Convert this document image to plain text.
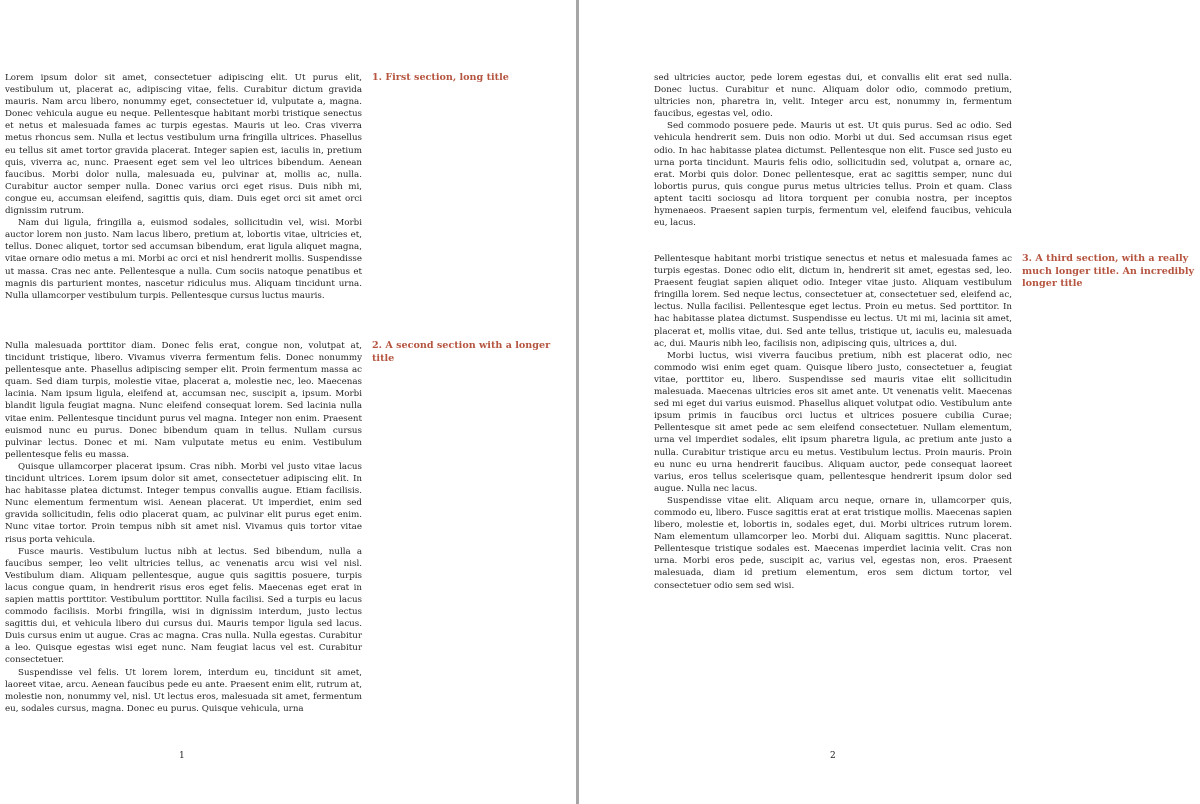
Lorem ipsum dolor sit amet, consectetuer adipiscing elit. Ut purus elit, vestibulum ut, placerat ac, adipiscing vitae, felis. Curabitur dictum gravida mauris. Nam arcu libero, nonummy eget, consectetuer id, vulputate a, magna. Donec vehicula augue eu neque. Pellentesque habitant morbi tristique senectus et netus et malesuada fames ac turpis egestas. Mauris ut leo. Cras viverra metus rhoncus sem. Nulla et lectus vestibulum urna fringilla ultrices. Phasellus eu tellus sit amet tortor gravida placerat. Integer sapien est, iaculis in, pretium quis, viverra ac, nunc. Praesent eget sem vel leo ultrices bibendum. Aenean faucibus. Morbi dolor nulla, malesuada eu, pulvinar at, mollis ac, nulla. Curabitur auctor semper nulla. Donec varius orci eget risus. Duis nibh mi, congue eu, accumsan eleifend, sagittis quis, diam. Duis eget orci sit amet orci dignissim rutrum.

Nam dui ligula, fringilla a, euismod sodales, sollicitudin vel, wisi. Morbi auctor lorem non justo. Nam lacus libero, pretium at, lobortis vitae, ultricies et, tellus. Donec aliquet, tortor sed accumsan bibendum, erat ligula aliquet magna, vitae ornare odio metus a mi. Morbi ac orci et nisl hendrerit mollis. Suspendisse ut massa. Cras nec ante. Pellentesque a nulla. Cum sociis natoque penatibus et magnis dis parturient montes, nascetur ridiculus mus. Aliquam tincidunt urna. Nulla ullamcorper vestibulum turpis. Pellentesque cursus luctus mauris.

1. First section, long title

Nulla malesuada porttitor diam. Donec felis erat, congue non, volutpat at, tincidunt tristique, libero. Vivamus viverra fermentum felis. Donec nonummy pellentesque ante. Phasellus adipiscing semper elit. Proin fermentum massa ac quam. Sed diam turpis, molestie vitae, placerat a, molestie nec, leo. Maecenas lacinia. Nam ipsum ligula, eleifend at, accumsan nec, suscipit a, ipsum. Morbi blandit ligula feugiat magna. Nunc eleifend consequat lorem. Sed lacinia nulla vitae enim. Pellentesque tincidunt purus vel magna. Integer non enim. Praesent euismod nunc eu purus. Donec bibendum quam in tellus. Nullam cursus pulvinar lectus. Donec et mi. Nam vulputate metus eu enim. Vestibulum pellentesque felis eu massa.

Quisque ullamcorper placerat ipsum. Cras nibh. Morbi vel justo vitae lacus tincidunt ultrices. Lorem ipsum dolor sit amet, consectetuer adipiscing elit. In hac habitasse platea dictumst. Integer tempus convallis augue. Etiam facilisis. Nunc elementum fermentum wisi. Aenean placerat. Ut imperdiet, enim sed gravida sollicitudin, felis odio placerat quam, ac pulvinar elit purus eget enim. Nunc vitae tortor. Proin tempus nibh sit amet nisl. Vivamus quis tortor vitae risus porta vehicula.

Fusce mauris. Vestibulum luctus nibh at lectus. Sed bibendum, nulla a faucibus semper, leo velit ultricies tellus, ac venenatis arcu wisi vel nisl. Vestibulum diam. Aliquam pellentesque, augue quis sagittis posuere, turpis lacus congue quam, in hendrerit risus eros eget felis. Maecenas eget erat in sapien mattis porttitor. Vestibulum porttitor. Nulla facilisi. Sed a turpis eu lacus commodo facilisis. Morbi fringilla, wisi in dignissim interdum, justo lectus sagittis dui, et vehicula libero dui cursus dui. Mauris tempor ligula sed lacus. Duis cursus enim ut augue. Cras ac magna. Cras nulla. Nulla egestas. Curabitur a leo. Quisque egestas wisi eget nunc. Nam feugiat lacus vel est. Curabitur consectetuer.

Suspendisse vel felis. Ut lorem lorem, interdum eu, tincidunt sit amet, laoreet vitae, arcu. Aenean faucibus pede eu ante. Praesent enim elit, rutrum at, molestie non, nonummy vel, nisl. Ut lectus eros, malesuada sit amet, fermentum eu, sodales cursus, magna. Donec eu purus. Quisque vehicula, urna

2. A second section with a longer title
1

sed ultricies auctor, pede lorem egestas dui, et convallis elit erat sed nulla. Donec luctus. Curabitur et nunc. Aliquam dolor odio, commodo pretium, ultricies non, pharetra in, velit. Integer arcu est, nonummy in, fermentum faucibus, egestas vel, odio.

Sed commodo posuere pede. Mauris ut est. Ut quis purus. Sed ac odio. Sed vehicula hendrerit sem. Duis non odio. Morbi ut dui. Sed accumsan risus eget odio. In hac habitasse platea dictumst. Pellentesque non elit. Fusce sed justo eu urna porta tincidunt. Mauris felis odio, sollicitudin sed, volutpat a, ornare ac, erat. Morbi quis dolor. Donec pellentesque, erat ac sagittis semper, nunc dui lobortis purus, quis congue purus metus ultricies tellus. Proin et quam. Class aptent taciti sociosqu ad litora torquent per conubia nostra, per inceptos hymenaeos. Praesent sapien turpis, fermentum vel, eleifend faucibus, vehicula eu, lacus.

Pellentesque habitant morbi tristique senectus et netus et malesuada fames ac turpis egestas. Donec odio elit, dictum in, hendrerit sit amet, egestas sed, leo. Praesent feugiat sapien aliquet odio. Integer vitae justo. Aliquam vestibulum fringilla lorem. Sed neque lectus, consectetuer at, consectetuer sed, eleifend ac, lectus. Nulla facilisi. Pellentesque eget lectus. Proin eu metus. Sed porttitor. In hac habitasse platea dictumst. Suspendisse eu lectus. Ut mi mi, lacinia sit amet, placerat et, mollis vitae, dui. Sed ante tellus, tristique ut, iaculis eu, malesuada ac, dui. Mauris nibh leo, facilisis non, adipiscing quis, ultrices a, dui.

Morbi luctus, wisi viverra faucibus pretium, nibh est placerat odio, nec commodo wisi enim eget quam. Quisque libero justo, consectetuer a, feugiat vitae, porttitor eu, libero. Suspendisse sed mauris vitae elit sollicitudin malesuada. Maecenas ultricies eros sit amet ante. Ut venenatis velit. Maecenas sed mi eget dui varius euismod. Phasellus aliquet volutpat odio. Vestibulum ante ipsum primis in faucibus orci luctus et ultrices posuere cubilia Curae; Pellentesque sit amet pede ac sem eleifend consectetuer. Nullam elementum, urna vel imperdiet sodales, elit ipsum pharetra ligula, ac pretium ante justo a nulla. Curabitur tristique arcu eu metus. Vestibulum lectus. Proin mauris. Proin eu nunc eu urna hendrerit faucibus. Aliquam auctor, pede consequat laoreet varius, eros tellus scelerisque quam, pellentesque hendrerit ipsum dolor sed augue. Nulla nec lacus.

Suspendisse vitae elit. Aliquam arcu neque, ornare in, ullamcorper quis, commodo eu, libero. Fusce sagittis erat at erat tristique mollis. Maecenas sapien libero, molestie et, lobortis in, sodales eget, dui. Morbi ultrices rutrum lorem. Nam elementum ullamcorper leo. Morbi dui. Aliquam sagittis. Nunc placerat. Pellentesque tristique sodales est. Maecenas imperdiet lacinia velit. Cras non urna. Morbi eros pede, suscipit ac, varius vel, egestas non, eros. Praesent malesuada, diam id pretium elementum, eros sem dictum tortor, vel consectetuer odio sem sed wisi.

3. A third section, with a really much longer title. An incredibly longer title
2
